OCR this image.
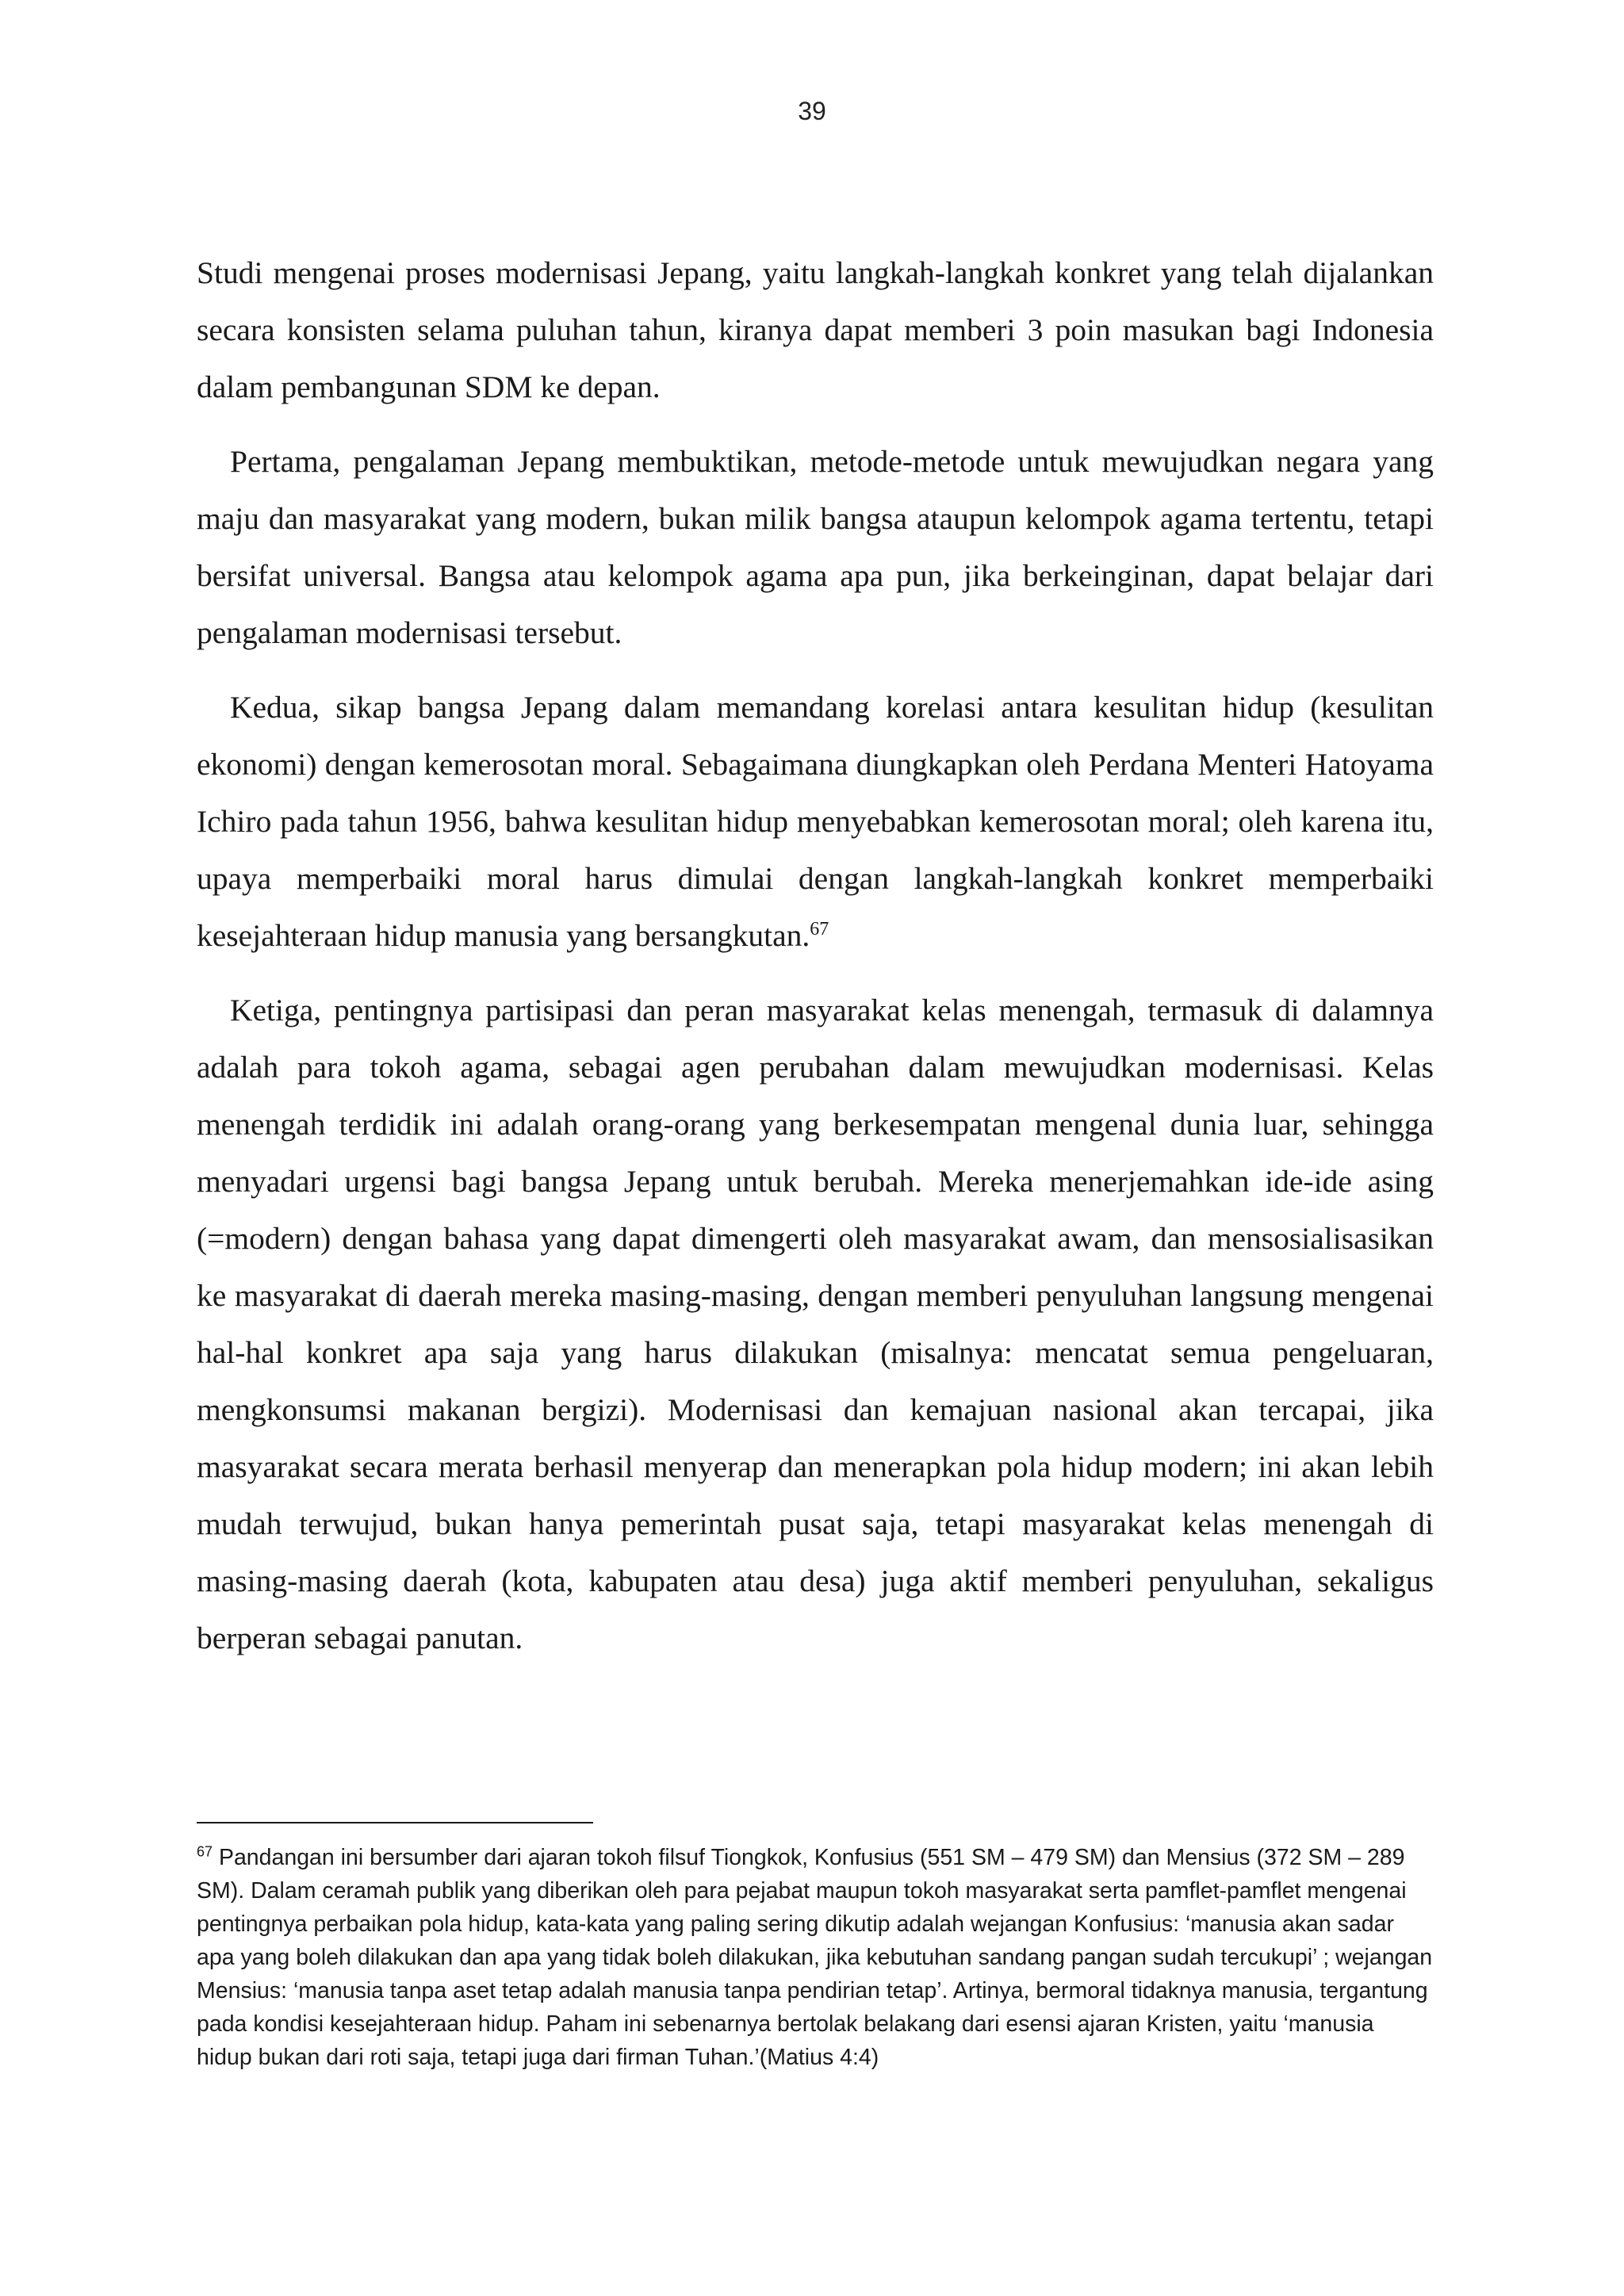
39

Studi mengenai proses modernisasi Jepang, yaitu langkah-langkah konkret yang telah dijalankan secara konsisten selama puluhan tahun, kiranya dapat memberi 3 poin masukan bagi Indonesia dalam pembangunan SDM ke depan.

Pertama, pengalaman Jepang membuktikan, metode-metode untuk mewujudkan negara yang maju dan masyarakat yang modern, bukan milik bangsa ataupun kelompok agama tertentu, tetapi bersifat universal. Bangsa atau kelompok agama apa pun, jika berkeinginan, dapat belajar dari pengalaman modernisasi tersebut.

Kedua, sikap bangsa Jepang dalam memandang korelasi antara kesulitan hidup (kesulitan ekonomi) dengan kemerosotan moral. Sebagaimana diungkapkan oleh Perdana Menteri Hatoyama Ichiro pada tahun 1956, bahwa kesulitan hidup menyebabkan kemerosotan moral; oleh karena itu, upaya memperbaiki moral harus dimulai dengan langkah-langkah konkret memperbaiki kesejahteraan hidup manusia yang bersangkutan.$^{67}$

Ketiga, pentingnya partisipasi dan peran masyarakat kelas menengah, termasuk di dalamnya adalah para tokoh agama, sebagai agen perubahan dalam mewujudkan modernisasi. Kelas menengah terdidik ini adalah orang-orang yang berkesempatan mengenal dunia luar, sehingga menyadari urgensi bagi bangsa Jepang untuk berubah. Mereka menerjemahkan ide-ide asing (=modern) dengan bahasa yang dapat dimengerti oleh masyarakat awam, dan mensosialisasikan ke masyarakat di daerah mereka masing-masing, dengan memberi penyuluhan langsung mengenai hal-hal konkret apa saja yang harus dilakukan (misalnya: mencatat semua pengeluaran, mengkonsumsi makanan bergizi). Modernisasi dan kemajuan nasional akan tercapai, jika masyarakat secara merata berhasil menyerap dan menerapkan pola hidup modern; ini akan lebih mudah terwujud, bukan hanya pemerintah pusat saja, tetapi masyarakat kelas menengah di masing-masing daerah (kota, kabupaten atau desa) juga aktif memberi penyuluhan, sekaligus berperan sebagai panutan.

$^{67}$ Pandangan ini bersumber dari ajaran tokoh filsuf Tiongkok, Konfusius (551 SM – 479 SM) dan Mensius (372 SM – 289 SM). Dalam ceramah publik yang diberikan oleh para pejabat maupun tokoh masyarakat serta pamflet-pamflet mengenai pentingnya perbaikan pola hidup, kata-kata yang paling sering dikutip adalah wejangan Konfusius: ‘manusia akan sadar apa yang boleh dilakukan dan apa yang tidak boleh dilakukan, jika kebutuhan sandang pangan sudah tercukupi’ ; wejangan Mensius: ‘manusia tanpa aset tetap adalah manusia tanpa pendirian tetap’. Artinya, bermoral tidaknya manusia, tergantung pada kondisi kesejahteraan hidup. Paham ini sebenarnya bertolak belakang dari esensi ajaran Kristen, yaitu ‘manusia hidup bukan dari roti saja, tetapi juga dari firman Tuhan.’(Matius 4:4)
